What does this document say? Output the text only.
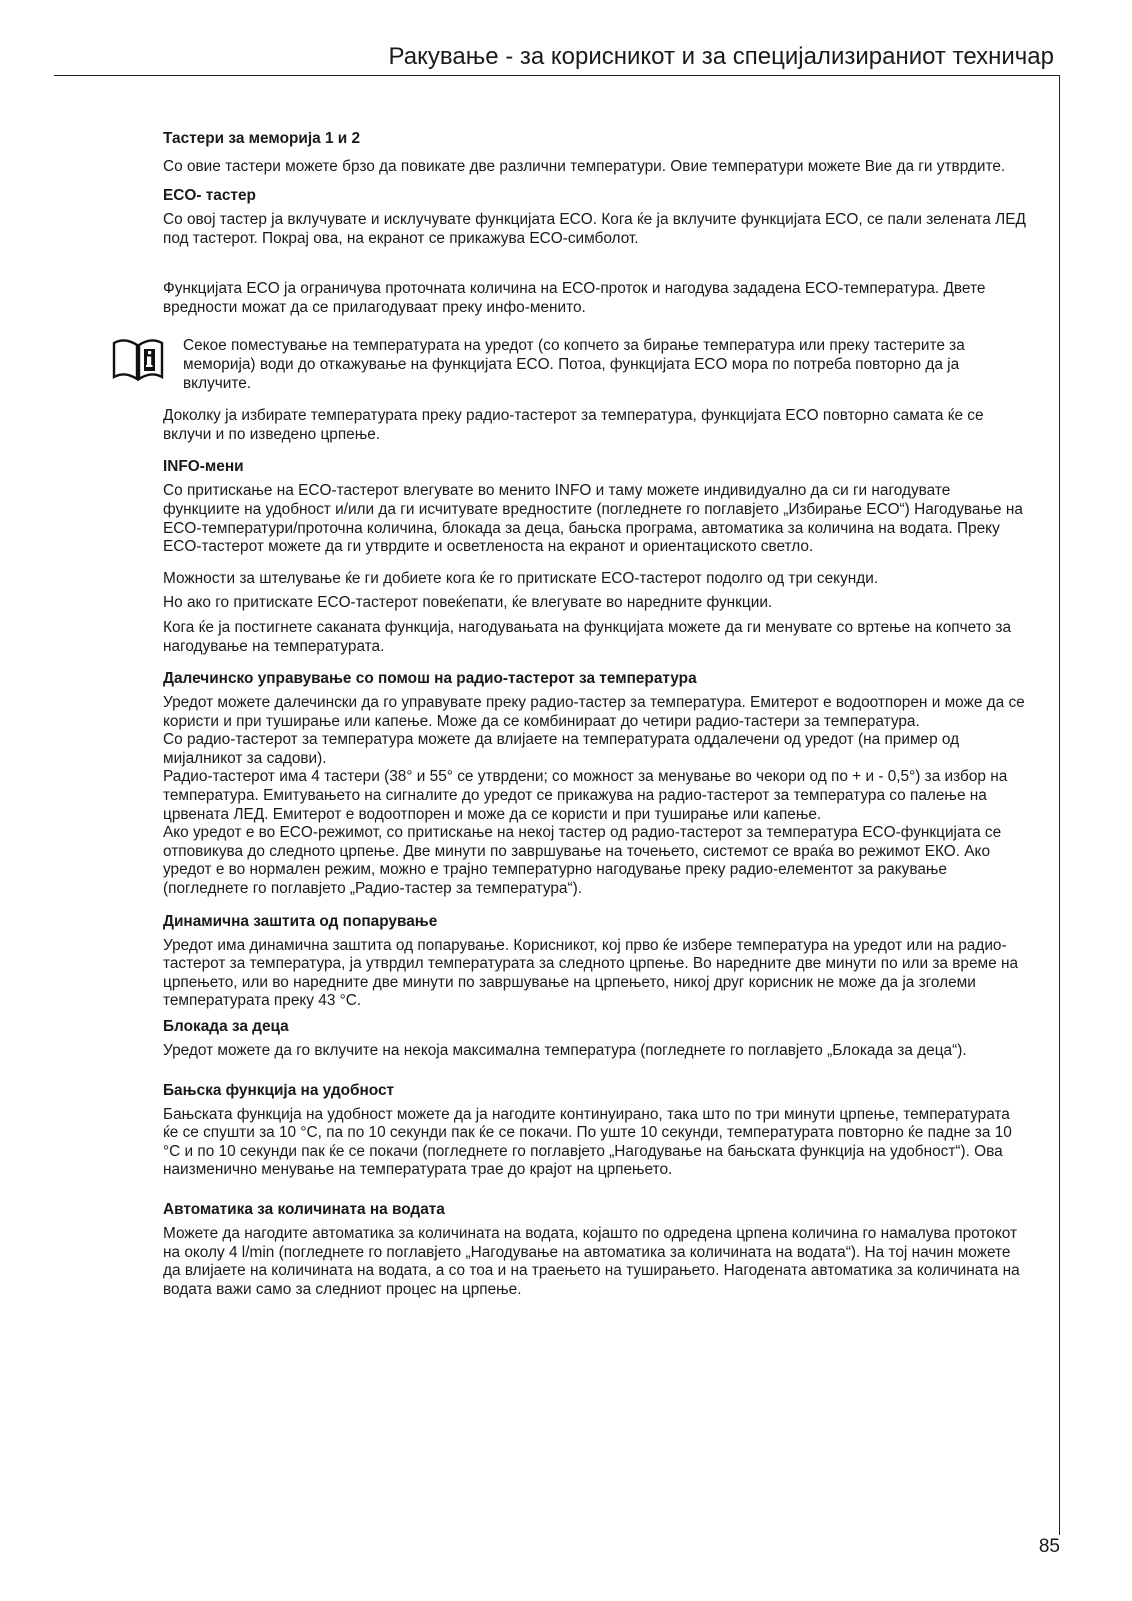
Ракување - за корисникот и за специјализираниот техничар
Тастери за меморија 1 и 2

Со овие тастери можете брзо да повикате две различни температури. Овие температури можете Вие да ги утврдите.

ECO- тастер

Со овој тастер ја вклучувате и исклучувате функцијата ECO. Кога ќе ја вклучите функцијата ECO, се пали зелената ЛЕД под тастерот. Покрај ова, на екранот се прикажува ECO-симболот.

Функцијата ECO ја ограничува проточната количина на ECO-проток и нагодува зададена ECO-температура. Двете вредности можат да се прилагодуваат преку инфо-менито.

Секое поместување на температурата на уредот (со копчето за бирање температура или преку тастерите за меморија) води до откажување на функцијата ECO. Потоа, функцијата ECO мора по потреба повторно да ја вклучите.

Доколку ја избирате температурата преку радио-тастерот за температура, функцијата ECO повторно самата ќе се вклучи и по изведено црпење.

INFO-мени

Со притискање на ECO-тастерот влегувате во менито INFO и таму можете индивидуално да си ги нагодувате функциите на удобност и/или да ги исчитувате вредностите (погледнете го поглавјето „Избирање ECO“) Нагодување на ECO-температури/проточна количина, блокада за деца, бањска програма, автоматика за количина на водата. Преку ECO-тастерот можете да ги утврдите и осветленоста на екранот и ориентацискoто светло.

Можности за штелување ќе ги добиете кога ќе го притискате ECO-тастерот подолго од три секунди.

Но ако го притискате ECO-тастерот повеќепати, ќе влегувате во наредните функции.

Кога ќе ја постигнете саканата функција, нагодувањата на функцијата можете да ги менувате со вртење на копчето за нагодување на температурата.

Далечинско управување со помош на радио-тастерот за температура

Уредот можете далечински да го управувате преку радио-тастер за температура. Емитерот е водоотпорен и може да се користи и при туширање или капење. Може да се комбинираат до четири радио-тастери за температура.

Со радио-тастерот за температура можете да влијаете на температурата оддалечени од уредот (на пример од мијалникот за садови).

Радио-тастерот има 4 тастери (38° и 55° се утврдени; со можност за менување во чекори од по + и - 0,5°) за избор на температура. Емитувањето на сигналите до уредот се прикажува на радио-тастерот за температура со палење на црвената ЛЕД. Емитерот е водоотпорен и може да се користи и при туширање или капење.

Ако уредот е во ECO-режимот, со притискање на некој тастер од радио-тастерот за температура ECO-функцијата се отповикува до следното црпење. Две минути по завршување на точењето, системот се враќа во режимот ЕКО. Ако уредот е во нормален режим, можно е трајно температурно нагодување преку радио-елементот за ракување (погледнете го поглавјето „Радио-тастер за температура“).

Динамична заштита од попарување

Уредот има динамична заштита од попарување. Корисникот, кој прво ќе избере температура на уредот или на радио-тастерот за температура, ја утврдил температурата за следното црпење. Во наредните две минути по или за време на црпењето, или во наредните две минути по завршување на црпењето, никој друг корисник не може да ја зголеми температурата преку 43 °C.

Блокада за деца

Уредот можете да го вклучите на некоја максимална температура (погледнете го поглавјето „Блокада за деца“).

Бањска функција на удобност

Бањската функција на удобност можете да ја нагодите континуирано, така што по три минути црпење, температурата ќе се спушти за 10 °C, па по 10 секунди пак ќе се покачи. По уште 10 секунди, температурата повторно ќе падне за 10 °C и по 10 секунди пак ќе се покачи (погледнете го поглавјето „Нагодување на бањската функција на удобност“). Ова наизменично менување на температурата трае до крајот на црпењето.

Автоматика за количината на водата

Можете да нагодите автоматика за количината на водата, којашто по одредена црпена количина го намалува протокот на околу 4 l/min (погледнете го поглавјето „Нагодување на автоматика за количината на водата“). На тој начин можете да влијаете на количината на водата, а со тоа и на траењето на туширањето. Нагодената автоматика за количината на водата важи само за следниот процес на црпење.

85
